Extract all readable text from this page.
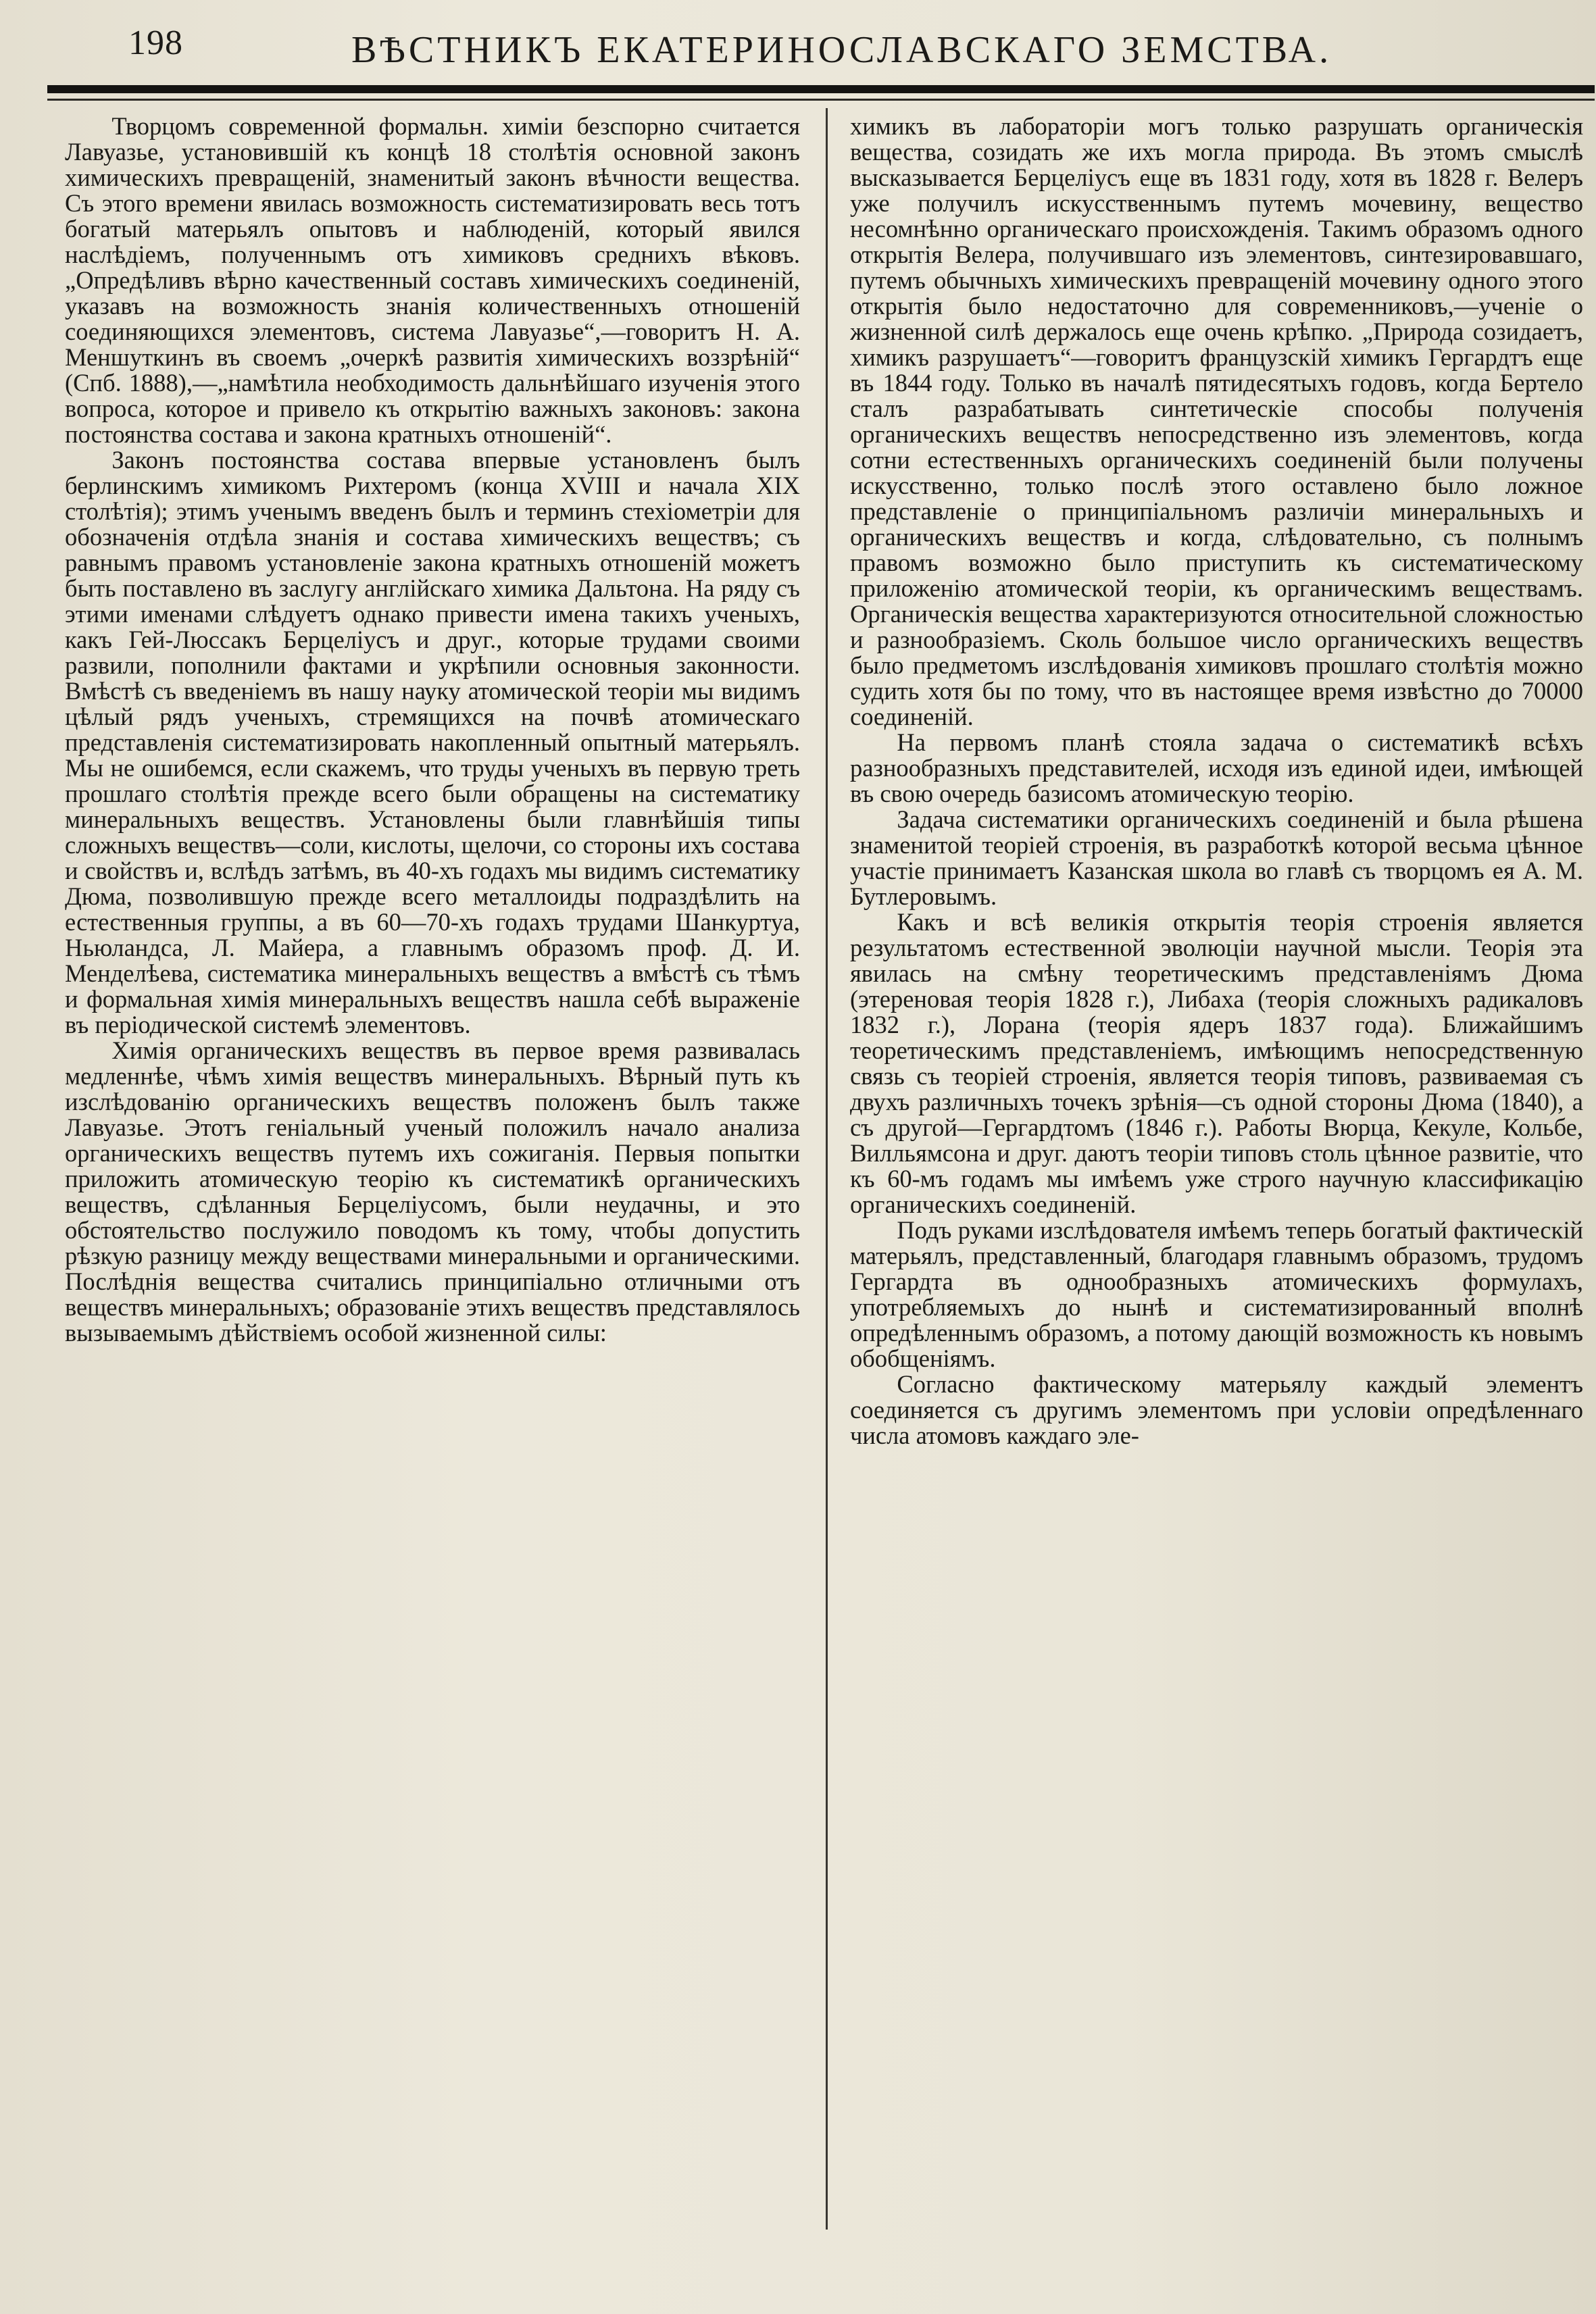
198	ВѢСТНИКЪ ЕКАТЕРИНОСЛАВСКАГО ЗЕМСТВА.

Творцомъ современной формальн. химіи безспорно считается Лавуазье, установившій къ концѣ 18 столѣтія основной законъ химическихъ превращеній, знаменитый законъ вѣчности вещества. Съ этого времени явилась возможность систематизировать весь тотъ богатый матерьялъ опытовъ и наблюденій, который явился наслѣдіемъ, полученнымъ отъ химиковъ среднихъ вѣковъ. „Опредѣливъ вѣрно качественный составъ химическихъ соединеній, указавъ на возможность знанія количественныхъ отношеній соединяющихся элементовъ, система Лавуазье“,—говоритъ Н. А. Меншуткинъ въ своемъ „очеркѣ развитія химическихъ воззрѣній“ (Спб. 1888),—„намѣтила необходимость дальнѣйшаго изученія этого вопроса, которое и привело къ открытію важныхъ законовъ: закона постоянства состава и закона кратныхъ отношеній“.

Законъ постоянства состава впервые установленъ былъ берлинскимъ химикомъ Рихтеромъ (конца XVIII и начала XIX столѣтія); этимъ ученымъ введенъ былъ и терминъ стехіометріи для обозначенія отдѣла знанія и состава химическихъ веществъ; съ равнымъ правомъ установленіе закона кратныхъ отношеній можетъ быть поставлено въ заслугу англійскаго химика Дальтона. На ряду съ этими именами слѣдуетъ однако привести имена такихъ ученыхъ, какъ Гей-Люссакъ Берцеліусъ и друг., которые трудами своими развили, пополнили фактами и укрѣпили основныя законности. Вмѣстѣ съ введеніемъ въ нашу науку атомической теоріи мы видимъ цѣлый рядъ ученыхъ, стремящихся на почвѣ атомическаго представленія систематизировать накопленный опытный матерьялъ. Мы не ошибемся, если скажемъ, что труды ученыхъ въ первую треть прошлаго столѣтія прежде всего были обращены на систематику минеральныхъ веществъ. Установлены были главнѣйшія типы сложныхъ веществъ—соли, кислоты, щелочи, со стороны ихъ состава и свойствъ и, вслѣдъ затѣмъ, въ 40-хъ годахъ мы видимъ систематику Дюма, позволившую прежде всего металлоиды подраздѣлить на естественныя группы, а въ 60—70-хъ годахъ трудами Шанкуртуа, Ньюландса, Л. Майера, а главнымъ образомъ проф. Д. И. Менделѣева, систематика минеральныхъ веществъ а вмѣстѣ съ тѣмъ и формальная химія минеральныхъ веществъ нашла себѣ выраженіе въ періодической системѣ элементовъ.

Химія органическихъ веществъ въ первое время развивалась медленнѣе, чѣмъ химія веществъ минеральныхъ. Вѣрный путь къ изслѣдованію органическихъ веществъ положенъ былъ также Лавуазье. Этотъ геніальный ученый положилъ начало анализа органическихъ веществъ путемъ ихъ сожиганія. Первыя попытки приложить атомическую теорію къ систематикѣ органическихъ веществъ, сдѣланныя Берцеліусомъ, были неудачны, и это обстоятельство послужило поводомъ къ тому, чтобы допустить рѣзкую разницу между веществами минеральными и органическими. Послѣднія вещества считались принципіально отличными отъ веществъ минеральныхъ; образованіе этихъ веществъ представлялось вызываемымъ дѣйствіемъ особой жизненной силы:

химикъ въ лабораторіи могъ только разрушать органическія вещества, созидать же ихъ могла природа. Въ этомъ смыслѣ высказывается Берцеліусъ еще въ 1831 году, хотя въ 1828 г. Велеръ уже получилъ искусственнымъ путемъ мочевину, вещество несомнѣнно органическаго происхожденія. Такимъ образомъ одного открытія Велера, получившаго изъ элементовъ, синтезировавшаго, путемъ обычныхъ химическихъ превращеній мочевину одного этого открытія было недостаточно для современниковъ,—ученіе о жизненной силѣ держалось еще очень крѣпко. „Природа созидаетъ, химикъ разрушаетъ“—говоритъ французскій химикъ Гергардтъ еще въ 1844 году. Только въ началѣ пятидесятыхъ годовъ, когда Бертело сталъ разрабатывать синтетическіе способы полученія органическихъ веществъ непосредственно изъ элементовъ, когда сотни естественныхъ органическихъ соединеній были получены искусственно, только послѣ этого оставлено было ложное представленіе о принципіальномъ различіи минеральныхъ и органическихъ веществъ и когда, слѣдовательно, съ полнымъ правомъ возможно было приступить къ систематическому приложенію атомической теоріи, къ органическимъ веществамъ. Органическія вещества характеризуются относительной сложностью и разнообразіемъ. Сколь большое число органическихъ веществъ было предметомъ изслѣдованія химиковъ прошлаго столѣтія можно судить хотя бы по тому, что въ настоящее время извѣстно до 70000 соединеній.

На первомъ планѣ стояла задача о систематикѣ всѣхъ разнообразныхъ представителей, исходя изъ единой идеи, имѣющей въ свою очередь базисомъ атомическую теорію.

Задача систематики органическихъ соединеній и была рѣшена знаменитой теоріей строенія, въ разработкѣ которой весьма цѣнное участіе принимаетъ Казанская школа во главѣ съ творцомъ ея А. М. Бутлеровымъ.

Какъ и всѣ великія открытія теорія строенія является результатомъ естественной эволюціи научной мысли. Теорія эта явилась на смѣну теоретическимъ представленіямъ Дюма (этереновая теорія 1828 г.), Либаха (теорія сложныхъ радикаловъ 1832 г.), Лорана (теорія ядеръ 1837 года). Ближайшимъ теоретическимъ представленіемъ, имѣющимъ непосредственную связь съ теоріей строенія, является теорія типовъ, развиваемая съ двухъ различныхъ точекъ зрѣнія—съ одной стороны Дюма (1840), а съ другой—Гергардтомъ (1846 г.). Работы Вюрца, Кекуле, Кольбе, Вилльямсона и друг. даютъ теоріи типовъ столь цѣнное развитіе, что къ 60-мъ годамъ мы имѣемъ уже строго научную классификацію органическихъ соединеній.

Подъ руками изслѣдователя имѣемъ теперь богатый фактическій матерьялъ, представленный, благодаря главнымъ образомъ, трудомъ Гергардта въ однообразныхъ атомическихъ формулахъ, употребляемыхъ до нынѣ и систематизированный вполнѣ опредѣленнымъ образомъ, а потому дающій возможность къ новымъ обобщеніямъ.

Согласно фактическому матерьялу каждый элементъ соединяется съ другимъ элементомъ при условіи опредѣленнаго числа атомовъ каждаго эле-
